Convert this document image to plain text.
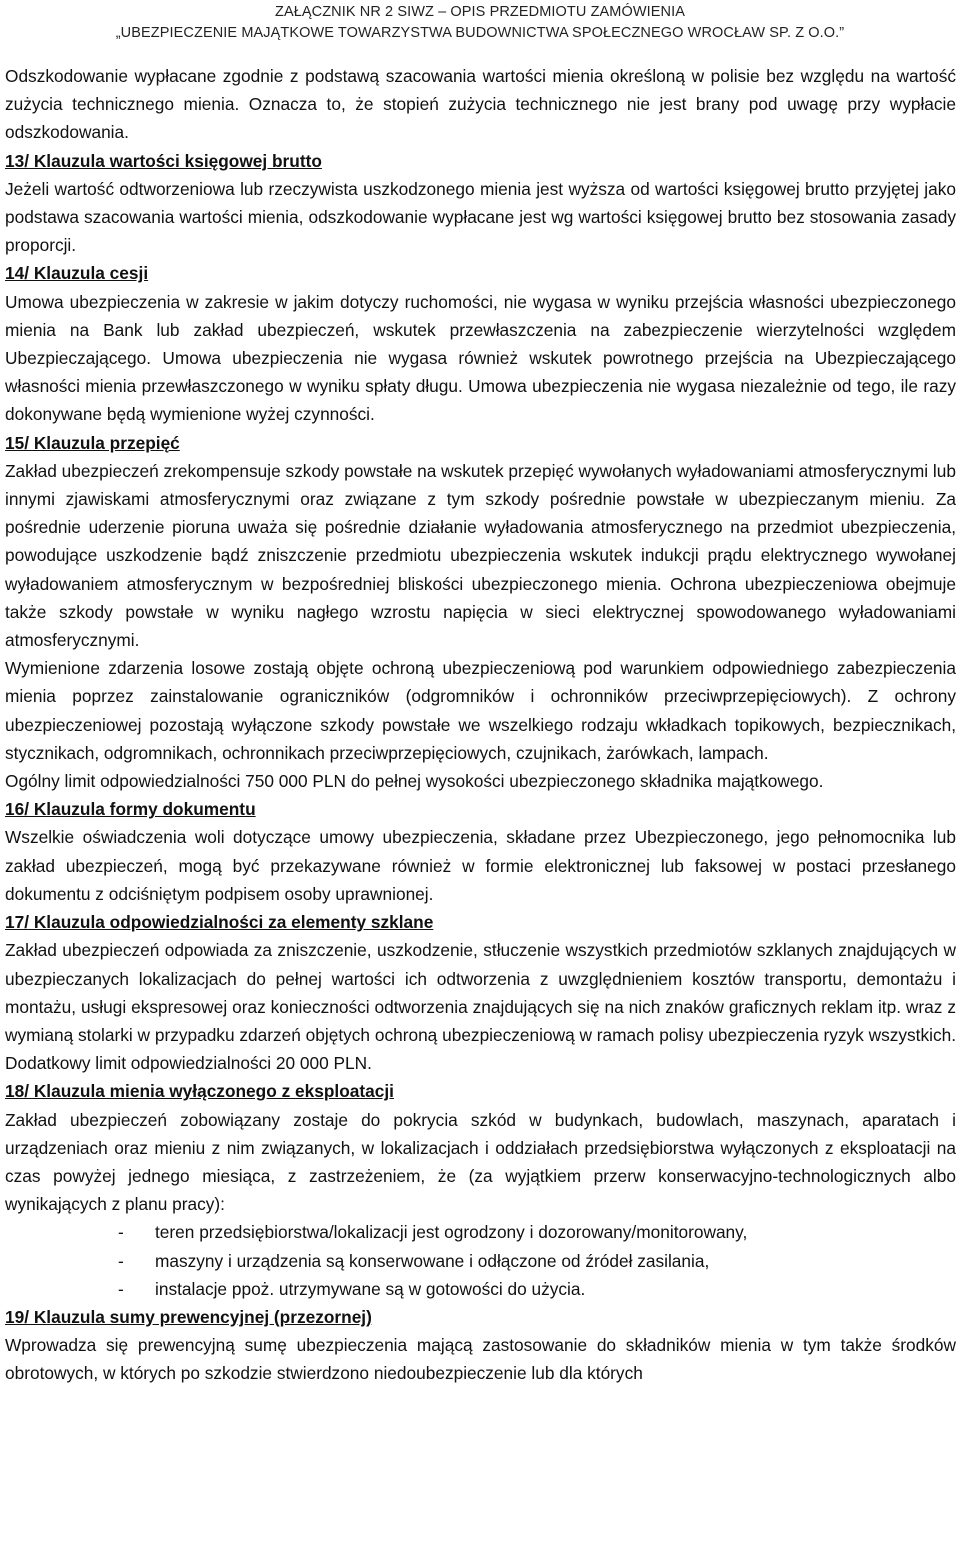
ZAŁĄCZNIK NR 2 SIWZ – OPIS PRZEDMIOTU ZAMÓWIENIA
„UBEZPIECZENIE MAJĄTKOWE TOWARZYSTWA BUDOWNICTWA SPOŁECZNEGO WROCŁAW SP. Z O.O.”

Odszkodowanie wypłacane zgodnie z podstawą szacowania wartości mienia określoną w polisie bez względu na wartość zużycia technicznego mienia. Oznacza to, że stopień zużycia technicznego nie jest brany pod uwagę przy wypłacie odszkodowania.

13/ Klauzula wartości księgowej brutto

Jeżeli wartość odtworzeniowa lub rzeczywista uszkodzonego mienia jest wyższa od wartości księgowej brutto przyjętej jako podstawa szacowania wartości mienia, odszkodowanie wypłacane jest wg wartości księgowej brutto bez stosowania zasady proporcji.

14/ Klauzula cesji

Umowa ubezpieczenia w zakresie w jakim dotyczy ruchomości, nie wygasa w wyniku przejścia własności ubezpieczonego mienia na Bank lub zakład ubezpieczeń, wskutek przewłaszczenia na zabezpieczenie wierzytelności względem Ubezpieczającego. Umowa ubezpieczenia nie wygasa również wskutek powrotnego przejścia na Ubezpieczającego własności mienia przewłaszczonego w wyniku spłaty długu. Umowa ubezpieczenia nie wygasa niezależnie od tego, ile razy dokonywane będą wymienione wyżej czynności.

15/ Klauzula przepięć

Zakład ubezpieczeń zrekompensuje szkody powstałe na wskutek przepięć wywołanych wyładowaniami atmosferycznymi lub innymi zjawiskami atmosferycznymi oraz związane z tym szkody pośrednie powstałe w ubezpieczanym mieniu. Za pośrednie uderzenie pioruna uważa się pośrednie działanie wyładowania atmosferycznego na przedmiot ubezpieczenia, powodujące uszkodzenie bądź zniszczenie przedmiotu ubezpieczenia wskutek indukcji prądu elektrycznego wywołanej wyładowaniem atmosferycznym w bezpośredniej bliskości ubezpieczonego mienia. Ochrona ubezpieczeniowa obejmuje także szkody powstałe w wyniku nagłego wzrostu napięcia w sieci elektrycznej spowodowanego wyładowaniami atmosferycznymi.

Wymienione zdarzenia losowe zostają objęte ochroną ubezpieczeniową pod warunkiem odpowiedniego zabezpieczenia mienia poprzez zainstalowanie ograniczników (odgromników i ochronników przeciwprzepięciowych). Z ochrony ubezpieczeniowej pozostają wyłączone szkody powstałe we wszelkiego rodzaju wkładkach topikowych, bezpiecznikach, stycznikach, odgromnikach, ochronnikach przeciwprzepięciowych, czujnikach, żarówkach, lampach.

Ogólny limit odpowiedzialności 750 000 PLN do pełnej wysokości ubezpieczonego składnika majątkowego.

16/ Klauzula formy dokumentu

Wszelkie oświadczenia woli dotyczące umowy ubezpieczenia, składane przez Ubezpieczonego, jego pełnomocnika lub zakład ubezpieczeń, mogą być przekazywane również w formie elektronicznej lub faksowej w postaci przesłanego dokumentu z odciśniętym podpisem osoby uprawnionej.

17/ Klauzula odpowiedzialności za elementy szklane

Zakład ubezpieczeń odpowiada za zniszczenie, uszkodzenie, stłuczenie wszystkich przedmiotów szklanych znajdujących w ubezpieczanych lokalizacjach do pełnej wartości ich odtworzenia z uwzględnieniem kosztów transportu, demontażu i montażu, usługi ekspresowej oraz konieczności odtworzenia znajdujących się na nich znaków graficznych reklam itp. wraz z wymianą stolarki w przypadku zdarzeń objętych ochroną ubezpieczeniową w ramach polisy ubezpieczenia ryzyk wszystkich. Dodatkowy limit odpowiedzialności 20 000 PLN.

18/ Klauzula mienia wyłączonego z eksploatacji

Zakład ubezpieczeń zobowiązany zostaje do pokrycia szkód w budynkach, budowlach, maszynach, aparatach i urządzeniach oraz mieniu z nim związanych, w lokalizacjach i oddziałach przedsiębiorstwa wyłączonych z eksploatacji na czas powyżej jednego miesiąca, z zastrzeżeniem, że (za wyjątkiem przerw konserwacyjno-technologicznych albo wynikających z planu pracy):

- teren przedsiębiorstwa/lokalizacji jest ogrodzony i dozorowany/monitorowany,
- maszyny i urządzenia są konserwowane i odłączone od źródeł zasilania,
- instalacje ppoż. utrzymywane są w gotowości do użycia.
19/ Klauzula sumy prewencyjnej (przezornej)

Wprowadza się prewencyjną sumę ubezpieczenia mającą zastosowanie do składników mienia w tym także środków obrotowych, w których po szkodzie stwierdzono niedoubezpieczenie lub dla których
